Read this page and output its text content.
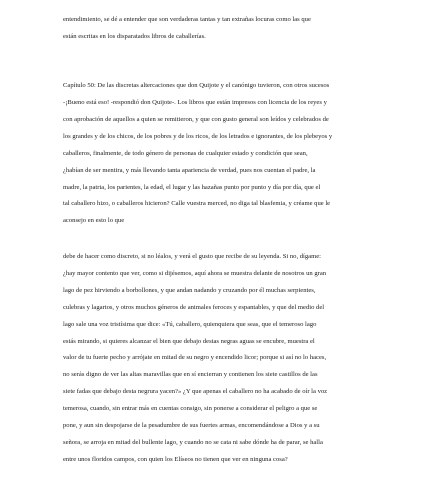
entendimiento, se dé a entender que son verdaderas tantas y tan extrañas locuras como las que
están escritas en los disparatados libros de caballerías.

Capítulo 50: De las discretas altercaciones que don Quijote y el canónigo tuvieron, con otros sucesos

-¡Bueno está eso! -respondió don Quijote-. Los libros que están impresos con licencia de los reyes y
con aprobación de aquellos a quien se remitieron, y que con gusto general son leídos y celebrados de
los grandes y de los chicos, de los pobres y de los ricos, de los letrados e ignorantes, de los plebeyos y
caballeros, finalmente, de todo género de personas de cualquier estado y condición que sean,
¿habían de ser mentira, y más llevando tanta apariencia de verdad, pues nos cuentan el padre, la
madre, la patria, los parientes, la edad, el lugar y las hazañas punto por punto y día por día, que el
tal caballero hizo, o caballeros hicieron? Calle vuestra merced, no diga tal blasfemia, y créame que le
aconsejo en esto lo que

debe de hacer como discreto, si no léalos, y verá el gusto que recibe de su leyenda. Si no, dígame:
¿hay mayor contento que ver, como si dijésemos, aquí ahora se muestra delante de nosotros un gran
lago de pez hirviendo a borbollones, y que andan nadando y cruzando por él muchas serpientes,
culebras y lagartos, y otros muchos géneros de animales feroces y espantables, y que del medio del
lago sale una voz tristísima que dice: «Tú, caballero, quienquiera que seas, que el temeroso lago
estás mirando, si quieres alcanzar el bien que debajo destas negras aguas se encubre, muestra el
valor de tu fuerte pecho y arrójate en mitad de su negro y encendido licor; porque si así no lo haces,
no serás digno de ver las altas maravillas que en sí encierran y contienen los siete castillos de las
siete fadas que debajo desta negrura yacen?» ¿Y que apenas el caballero no ha acabado de oír la voz
temerosa, cuando, sin entrar más en cuentas consigo, sin ponerse a considerar el peligro a que se
pone, y aun sin despojarse de la pesadumbre de sus fuertes armas, encomendándose a Dios y a su
señora, se arroja en mitad del bullente lago, y cuando no se cata ni sabe dónde ha de parar, se halla
entre unos floridos campos, con quien los Elíseos no tienen que ver en ninguna cosa?
